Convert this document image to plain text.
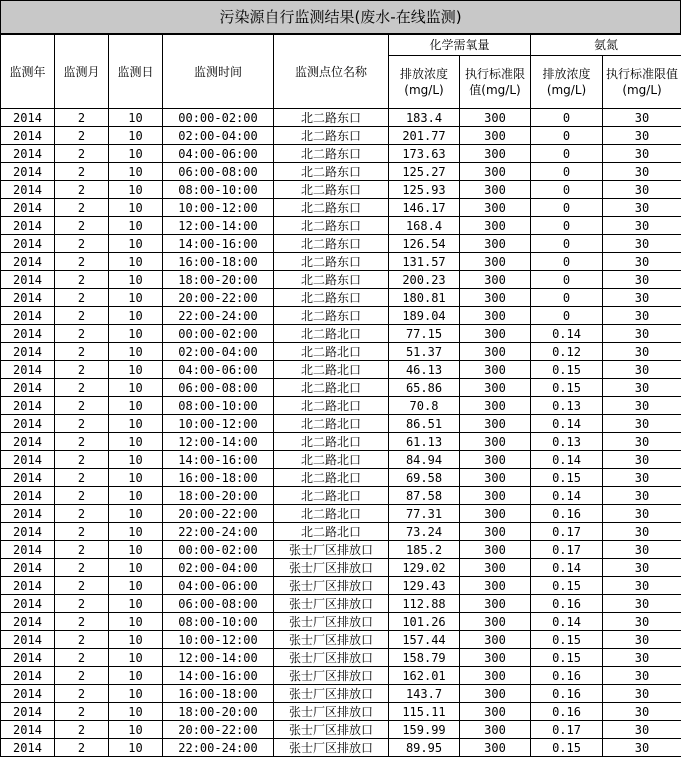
污染源自行监测结果(废水-在线监测)
监测年	监测月	监测日	监测时间	监测点位名称	化学需氧量		氨氮	
					排放浓度(mg/L)	执行标准限值(mg/L)	排放浓度(mg/L)	执行标准限值(mg/L)
2014	2	10	00:00-02:00	北二路东口	183.4	300	0	30
2014	2	10	02:00-04:00	北二路东口	201.77	300	0	30
2014	2	10	04:00-06:00	北二路东口	173.63	300	0	30
2014	2	10	06:00-08:00	北二路东口	125.27	300	0	30
2014	2	10	08:00-10:00	北二路东口	125.93	300	0	30
2014	2	10	10:00-12:00	北二路东口	146.17	300	0	30
2014	2	10	12:00-14:00	北二路东口	168.4	300	0	30
2014	2	10	14:00-16:00	北二路东口	126.54	300	0	30
2014	2	10	16:00-18:00	北二路东口	131.57	300	0	30
2014	2	10	18:00-20:00	北二路东口	200.23	300	0	30
2014	2	10	20:00-22:00	北二路东口	180.81	300	0	30
2014	2	10	22:00-24:00	北二路东口	189.04	300	0	30
2014	2	10	00:00-02:00	北二路北口	77.15	300	0.14	30
2014	2	10	02:00-04:00	北二路北口	51.37	300	0.12	30
2014	2	10	04:00-06:00	北二路北口	46.13	300	0.15	30
2014	2	10	06:00-08:00	北二路北口	65.86	300	0.15	30
2014	2	10	08:00-10:00	北二路北口	70.8	300	0.13	30
2014	2	10	10:00-12:00	北二路北口	86.51	300	0.14	30
2014	2	10	12:00-14:00	北二路北口	61.13	300	0.13	30
2014	2	10	14:00-16:00	北二路北口	84.94	300	0.14	30
2014	2	10	16:00-18:00	北二路北口	69.58	300	0.15	30
2014	2	10	18:00-20:00	北二路北口	87.58	300	0.14	30
2014	2	10	20:00-22:00	北二路北口	77.31	300	0.16	30
2014	2	10	22:00-24:00	北二路北口	73.24	300	0.17	30
2014	2	10	00:00-02:00	张士厂区排放口	185.2	300	0.17	30
2014	2	10	02:00-04:00	张士厂区排放口	129.02	300	0.14	30
2014	2	10	04:00-06:00	张士厂区排放口	129.43	300	0.15	30
2014	2	10	06:00-08:00	张士厂区排放口	112.88	300	0.16	30
2014	2	10	08:00-10:00	张士厂区排放口	101.26	300	0.14	30
2014	2	10	10:00-12:00	张士厂区排放口	157.44	300	0.15	30
2014	2	10	12:00-14:00	张士厂区排放口	158.79	300	0.15	30
2014	2	10	14:00-16:00	张士厂区排放口	162.01	300	0.16	30
2014	2	10	16:00-18:00	张士厂区排放口	143.7	300	0.16	30
2014	2	10	18:00-20:00	张士厂区排放口	115.11	300	0.16	30
2014	2	10	20:00-22:00	张士厂区排放口	159.99	300	0.17	30
2014	2	10	22:00-24:00	张士厂区排放口	89.95	300	0.15	30
